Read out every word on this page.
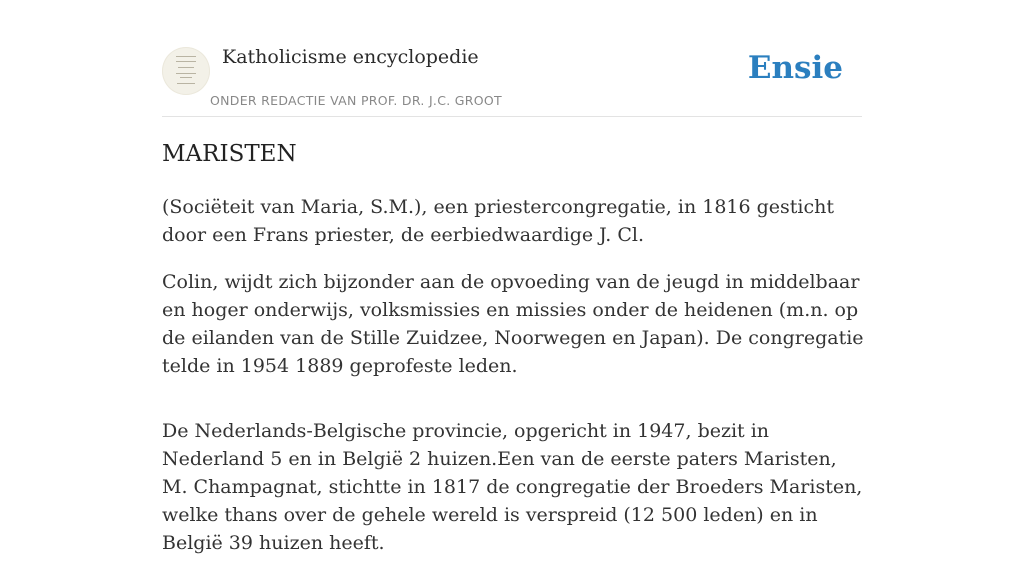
Katholicisme encyclopedie
ONDER REDACTIE VAN PROF. DR. J.C. GROOT
Ensie
MARISTEN

(Sociëteit van Maria, S.M.), een priestercongregatie, in 1816 gesticht door een Frans priester, de eerbiedwaardige J. Cl.

Colin, wijdt zich bijzonder aan de opvoeding van de jeugd in middelbaar en hoger onderwijs, volksmissies en missies onder de heidenen (m.n. op de eilanden van de Stille Zuidzee, Noorwegen en Japan). De congregatie telde in 1954 1889 geprofeste leden.

De Nederlands-Belgische provincie, opgericht in 1947, bezit in Nederland 5 en in België 2 huizen.Een van de eerste paters Maristen, M. Champagnat, stichtte in 1817 de congregatie der Broeders Maristen, welke thans over de gehele wereld is verspreid (12 500 leden) en in België 39 huizen heeft.
